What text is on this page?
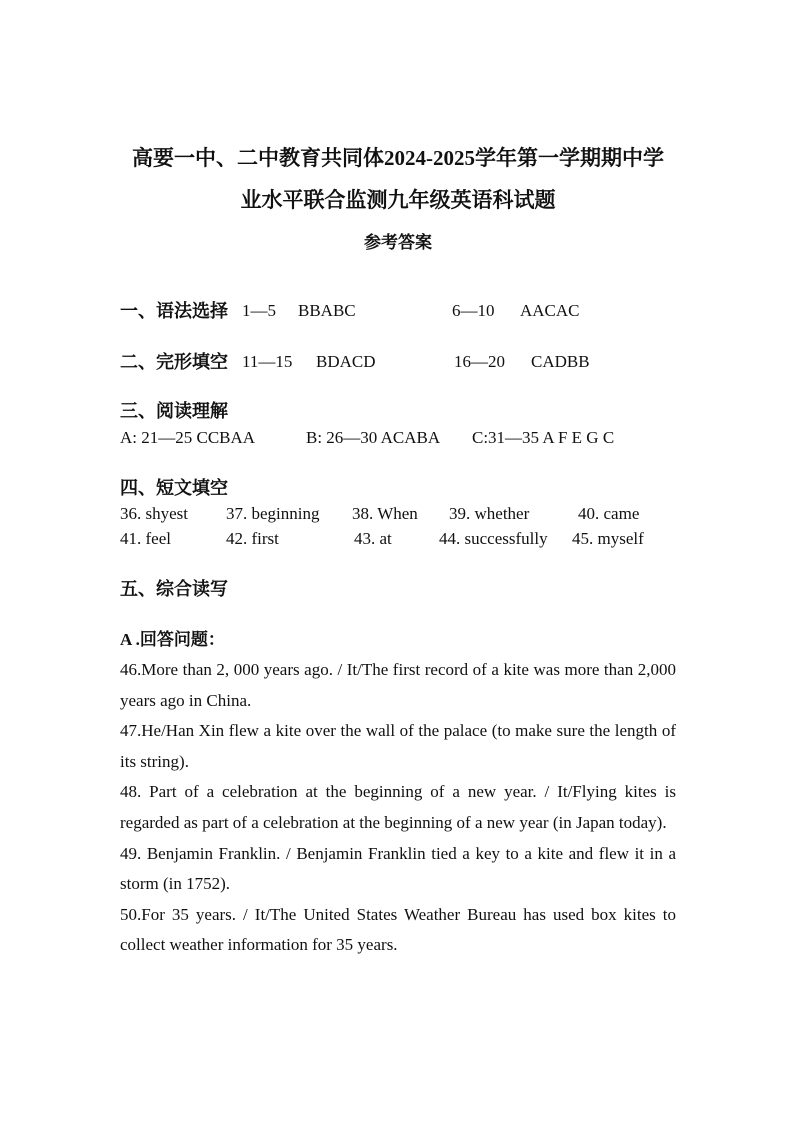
高要一中、二中教育共同体2024-2025学年第一学期期中学
业水平联合监测九年级英语科试题
参考答案
一、语法选择 1—5 BBABC	6—10 AACAC
二、完形填空 11—15 BDACD	16—20 CADBB
三、阅读理解
A: 21—25 CCBAA	B: 26—30 ACABA C:31—35 A F E G C
四、短文填空
36. shyest 37. beginning 38. When 39. whether	40. came
41. feel	42. first	43. at	44. successfully 45. myself
五、综合读写
A .回答问题：

46.More than 2, 000 years ago. / It/The first record of a kite was more than 2,000 years ago in China.

47.He/Han Xin flew a kite over the wall of the palace (to make sure the length of its string).

48. Part of a celebration at the beginning of a new year. / It/Flying kites is regarded as part of a celebration at the beginning of a new year (in Japan today).

49. Benjamin Franklin. / Benjamin Franklin tied a key to a kite and flew it in a storm (in 1752).

50.For 35 years. / It/The United States Weather Bureau has used box kites to collect weather information for 35 years.
